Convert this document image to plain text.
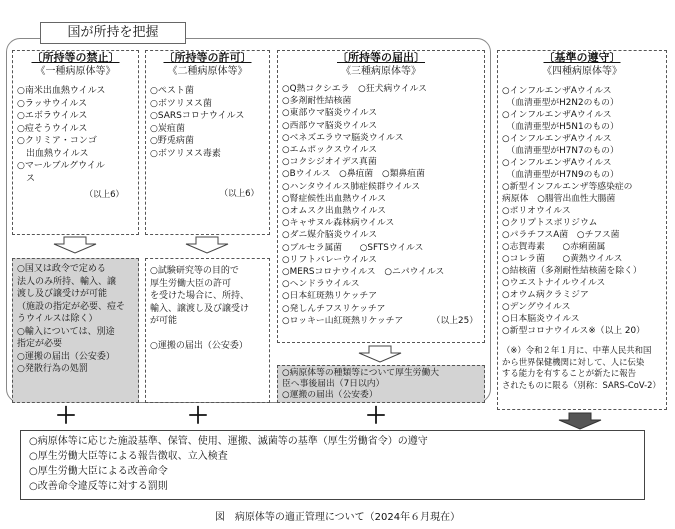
国が所持を把握
〔所持等の禁止〕
《一種病原体等》
○南米出血熱ウイルス
○ラッサウイルス
○エボラウイルス
○痘そうウイルス
○クリミア・コンゴ
　出血熱ウイルス
○マールブルグウイル
　ス
（以上6）
○国又は政令で定める
法人のみ所持、輸入、譲
渡し及び譲受けが可能
（施設の指定が必要、痘そ
うウイルスは除く）
○輸入については、別途
指定が必要
○運搬の届出（公安委）
○発散行為の処罰
〔所持等の許可〕
《二種病原体等》
○ペスト菌
○ボツリヌス菌
○SARSコロナウイルス
○炭疽菌
○野兎病菌
○ボツリヌス毒素
（以上6）
○試験研究等の目的で
厚生労働大臣の許可
を受けた場合に、所持、
輸入、譲渡し及び譲受け
が可能
○運搬の届出（公安委）
〔所持等の届出〕
《三種病原体等》
○Q熱コクシエラ　○狂犬病ウイルス
○多剤耐性結核菌
○東部ウマ脳炎ウイルス
○西部ウマ脳炎ウイルス
○ベネズエラウマ脳炎ウイルス
○エムポックスウイルス
○コクシジオイデス真菌
○Bウイルス　○鼻疽菌　○類鼻疽菌
○ハンタウイルス肺症候群ウイルス
○腎症候性出血熱ウイルス
○オムスク出血熱ウイルス
○キャサヌル森林病ウイルス
○ダニ媒介脳炎ウイルス
○ブルセラ属菌　　○SFTSウイルス
○リフトバレーウイルス
○MERSコロナウイルス　○ニパウイルス
○ヘンドラウイルス
○日本紅斑熱リケッチア
○発しんチフスリケッチア
○ロッキー山紅斑熱リケッチア	（以上25）
○病原体等の種類等について厚生労働大
臣へ事後届出（7日以内）
○運搬の届出（公安委）
〔基準の遵守〕
《四種病原体等》
○インフルエンザAウイルス
　（血清亜型がH2N2のもの）
○インフルエンザAウイルス
　（血清亜型がH5N1のもの）
○インフルエンザAウイルス
　（血清亜型がH7N7のもの）
○インフルエンザAウイルス
　（血清亜型がH7N9のもの）
○新型インフルエンザ等感染症の
病原体　○腸管出血性大腸菌
○ポリオウイルス
○クリプトスポリジウム
○パラチフスA菌　○チフス菌
○志賀毒素　　○赤痢菌属
○コレラ菌　　○黄熱ウイルス
○結核菌（多剤耐性結核菌を除く）
○ウエストナイルウイルス
○オウム病クラミジア
○デングウイルス
○日本脳炎ウイルス
○新型コロナウイルス※（以上 20）
（※）令和２年１月に、中華人民共和国
から世界保健機関に対して、人に伝染
する能力を有することが新たに報告
されたものに限る（別称：SARS-CoV-2）
＋	＋	＋
○病原体等に応じた施設基準、保管、使用、運搬、滅菌等の基準（厚生労働省令）の遵守
○厚生労働大臣等による報告徴収、立入検査
○厚生労働大臣による改善命令
○改善命令違反等に対する罰則
図　病原体等の適正管理について（2024年６月現在）
